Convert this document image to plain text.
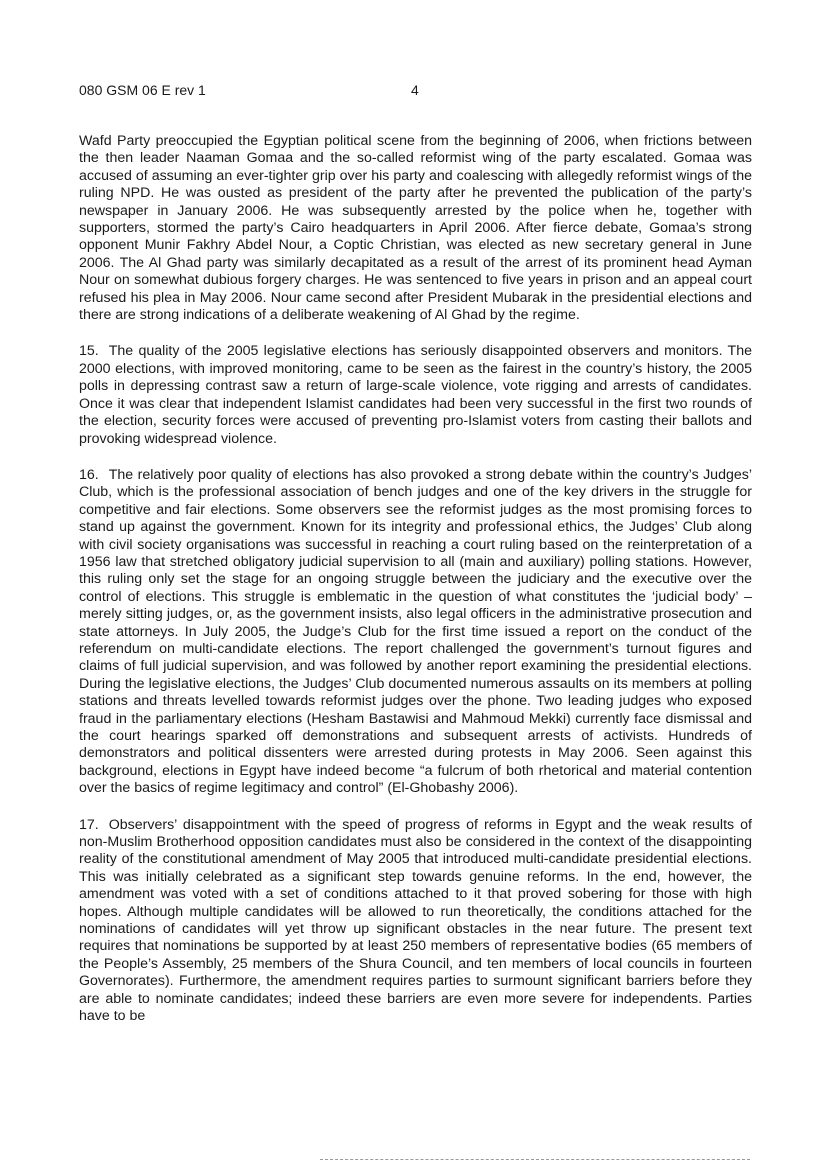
080 GSM 06 E rev 1	4

Wafd Party preoccupied the Egyptian political scene from the beginning of 2006, when frictions between the then leader Naaman Gomaa and the so-called reformist wing of the party escalated. Gomaa was accused of assuming an ever-tighter grip over his party and coalescing with allegedly reformist wings of the ruling NPD. He was ousted as president of the party after he prevented the publication of the party’s newspaper in January 2006. He was subsequently arrested by the police when he, together with supporters, stormed the party’s Cairo headquarters in April 2006. After fierce debate, Gomaa’s strong opponent Munir Fakhry Abdel Nour, a Coptic Christian, was elected as new secretary general in June 2006. The Al Ghad party was similarly decapitated as a result of the arrest of its prominent head Ayman Nour on somewhat dubious forgery charges. He was sentenced to five years in prison and an appeal court refused his plea in May 2006. Nour came second after President Mubarak in the presidential elections and there are strong indications of a deliberate weakening of Al Ghad by the regime.

15. The quality of the 2005 legislative elections has seriously disappointed observers and monitors. The 2000 elections, with improved monitoring, came to be seen as the fairest in the country’s history, the 2005 polls in depressing contrast saw a return of large-scale violence, vote rigging and arrests of candidates. Once it was clear that independent Islamist candidates had been very successful in the first two rounds of the election, security forces were accused of preventing pro-Islamist voters from casting their ballots and provoking widespread violence.

16. The relatively poor quality of elections has also provoked a strong debate within the country’s Judges’ Club, which is the professional association of bench judges and one of the key drivers in the struggle for competitive and fair elections. Some observers see the reformist judges as the most promising forces to stand up against the government. Known for its integrity and professional ethics, the Judges’ Club along with civil society organisations was successful in reaching a court ruling based on the reinterpretation of a 1956 law that stretched obligatory judicial supervision to all (main and auxiliary) polling stations. However, this ruling only set the stage for an ongoing struggle between the judiciary and the executive over the control of elections. This struggle is emblematic in the question of what constitutes the ‘judicial body’ – merely sitting judges, or, as the government insists, also legal officers in the administrative prosecution and state attorneys. In July 2005, the Judge’s Club for the first time issued a report on the conduct of the referendum on multi-candidate elections. The report challenged the government’s turnout figures and claims of full judicial supervision, and was followed by another report examining the presidential elections. During the legislative elections, the Judges’ Club documented numerous assaults on its members at polling stations and threats levelled towards reformist judges over the phone. Two leading judges who exposed fraud in the parliamentary elections (Hesham Bastawisi and Mahmoud Mekki) currently face dismissal and the court hearings sparked off demonstrations and subsequent arrests of activists. Hundreds of demonstrators and political dissenters were arrested during protests in May 2006. Seen against this background, elections in Egypt have indeed become “a fulcrum of both rhetorical and material contention over the basics of regime legitimacy and control” (El-Ghobashy 2006).

17. Observers’ disappointment with the speed of progress of reforms in Egypt and the weak results of non-Muslim Brotherhood opposition candidates must also be considered in the context of the disappointing reality of the constitutional amendment of May 2005 that introduced multi-candidate presidential elections. This was initially celebrated as a significant step towards genuine reforms. In the end, however, the amendment was voted with a set of conditions attached to it that proved sobering for those with high hopes. Although multiple candidates will be allowed to run theoretically, the conditions attached for the nominations of candidates will yet throw up significant obstacles in the near future. The present text requires that nominations be supported by at least 250 members of representative bodies (65 members of the People’s Assembly, 25 members of the Shura Council, and ten members of local councils in fourteen Governorates). Furthermore, the amendment requires parties to surmount significant barriers before they are able to nominate candidates; indeed these barriers are even more severe for independents. Parties have to be
